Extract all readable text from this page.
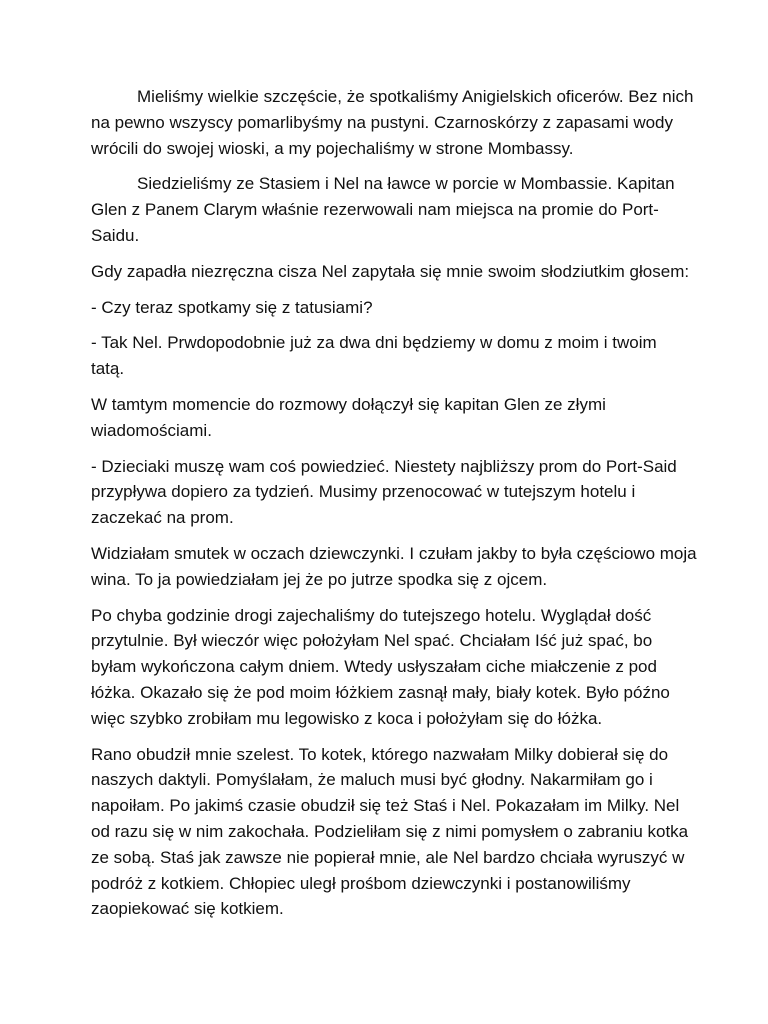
Mieliśmy wielkie szczęście, że spotkaliśmy Anigielskich oficerów. Bez nich
na pewno wszyscy pomarlibyśmy na pustyni. Czarnoskórzy z zapasami wody
wrócili do swojej wioski, a my pojechaliśmy w strone Mombassy.

Siedzieliśmy ze Stasiem i Nel na ławce w porcie w Mombassie. Kapitan
Glen z Panem Clarym właśnie rezerwowali nam miejsca na promie do Port-
Saidu.

Gdy zapadła niezręczna cisza Nel zapytała się mnie swoim słodziutkim głosem:

- Czy teraz spotkamy się z tatusiami?

- Tak Nel. Prwdopodobnie już za dwa dni będziemy w domu z moim i twoim
tatą.

W tamtym momencie do rozmowy dołączył się kapitan Glen ze złymi
wiadomościami.

- Dzieciaki muszę wam coś powiedzieć. Niestety najbliższy prom do Port-Said
przypływa dopiero za tydzień. Musimy przenocować w tutejszym hotelu i
zaczekać na prom.

Widziałam smutek w oczach dziewczynki. I czułam jakby to była częściowo moja
wina. To ja powiedziałam jej że po jutrze spodka się z ojcem.

Po chyba godzinie drogi zajechaliśmy do tutejszego hotelu. Wyglądał dość
przytulnie. Był wieczór więc położyłam Nel spać. Chciałam Iść już spać, bo
byłam wykończona całym dniem. Wtedy usłyszałam ciche miałczenie z pod
łóżka. Okazało się że pod moim łóżkiem zasnął mały, biały kotek. Było późno
więc szybko zrobiłam mu legowisko z koca i położyłam się do łóżka.

Rano obudził mnie szelest. To kotek, którego nazwałam Milky dobierał się do
naszych daktyli. Pomyślałam, że maluch musi być głodny. Nakarmiłam go i
napoiłam. Po jakimś czasie obudził się też Staś i Nel. Pokazałam im Milky. Nel
od razu się w nim zakochała. Podzieliłam się z nimi pomysłem o zabraniu kotka
ze sobą. Staś jak zawsze nie popierał mnie, ale Nel bardzo chciała wyruszyć w
podróż z kotkiem. Chłopiec uległ prośbom dziewczynki i postanowiliśmy
zaopiekować się kotkiem.
